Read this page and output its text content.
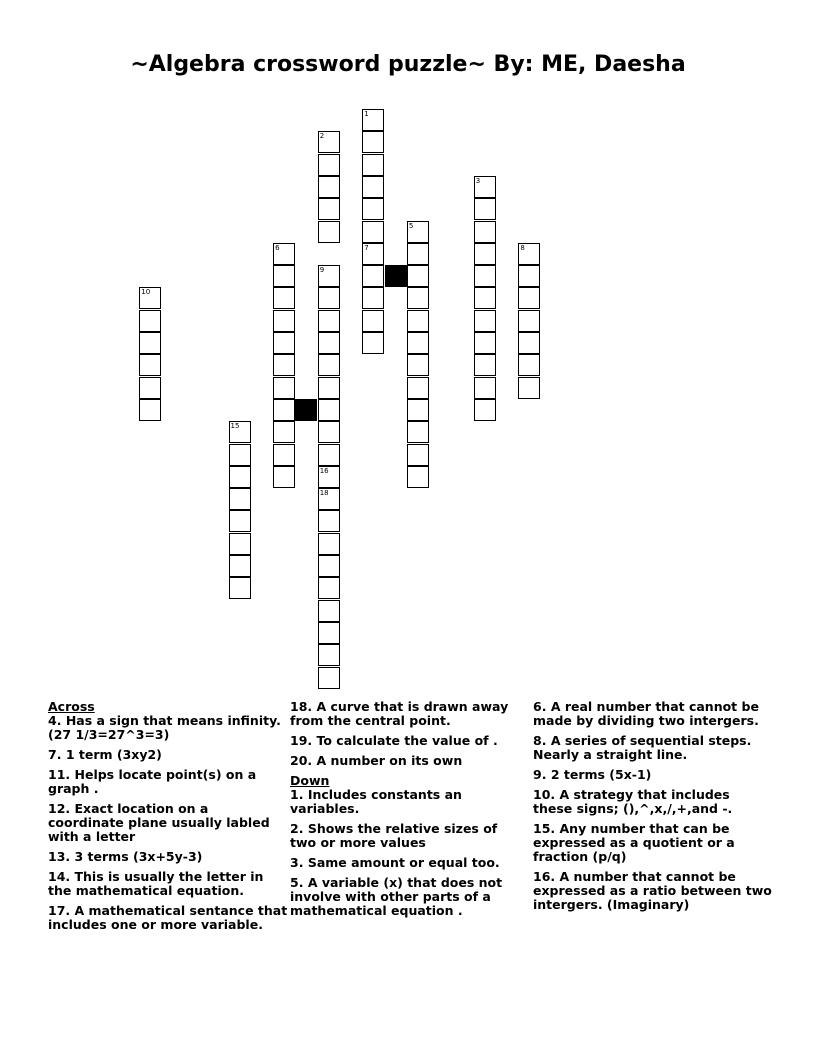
~Algebra crossword puzzle~ By: ME, Daesha
1
7
2
3
5
6	8
9
16
10
15
18
Across
4. Has a sign that means infinity. (27 1/3=27^3=3)
7. 1 term (3xy2)
11. Helps locate point(s) on a graph .
12. Exact location on a coordinate plane usually labled with a letter
13. 3 terms (3x+5y-3)
14. This is usually the letter in the mathematical equation.
17. A mathematical sentance that includes one or more variable.
18. A curve that is drawn away from the central point.
19. To calculate the value of .
20. A number on its own
Down
1. Includes constants an variables.
2. Shows the relative sizes of two or more values
3. Same amount or equal too.
5. A variable (x) that does not involve with other parts of a mathematical equation .
6. A real number that cannot be made by dividing two intergers.
8. A series of sequential steps. Nearly a straight line.
9. 2 terms (5x-1)
10. A strategy that includes these signs; (),^,x,/,+,and -.
15. Any number that can be expressed as a quotient or a fraction (p/q)
16. A number that cannot be expressed as a ratio between two intergers. (Imaginary)
